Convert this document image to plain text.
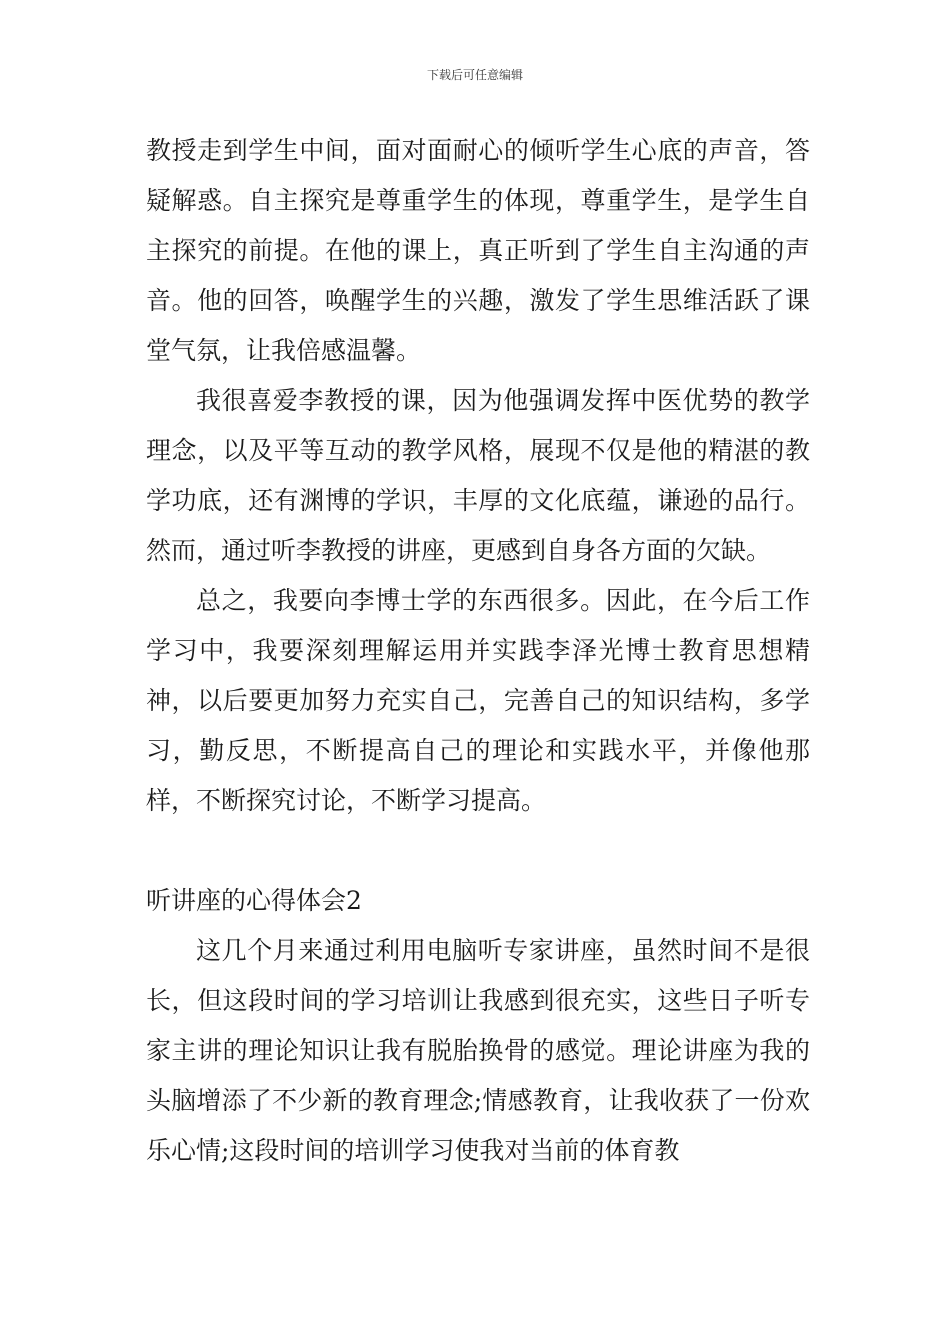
下载后可任意编辑

教授走到学生中间，面对面耐心的倾听学生心底的声音，答疑解惑。自主探究是尊重学生的体现，尊重学生，是学生自主探究的前提。在他的课上，真正听到了学生自主沟通的声音。他的回答，唤醒学生的兴趣，激发了学生思维活跃了课堂气氛，让我倍感温馨。

我很喜爱李教授的课，因为他强调发挥中医优势的教学理念，以及平等互动的教学风格，展现不仅是他的精湛的教学功底，还有渊博的学识，丰厚的文化底蕴，谦逊的品行。然而，通过听李教授的讲座，更感到自身各方面的欠缺。

总之，我要向李博士学的东西很多。因此，在今后工作学习中，我要深刻理解运用并实践李泽光博士教育思想精神，以后要更加努力充实自己，完善自己的知识结构，多学习，勤反思，不断提高自己的理论和实践水平，并像他那样，不断探究讨论，不断学习提高。

听讲座的心得体会2

这几个月来通过利用电脑听专家讲座，虽然时间不是很长，但这段时间的学习培训让我感到很充实，这些日子听专家主讲的理论知识让我有脱胎换骨的感觉。理论讲座为我的头脑增添了不少新的教育理念;情感教育，让我收获了一份欢乐心情;这段时间的培训学习使我对当前的体育教
